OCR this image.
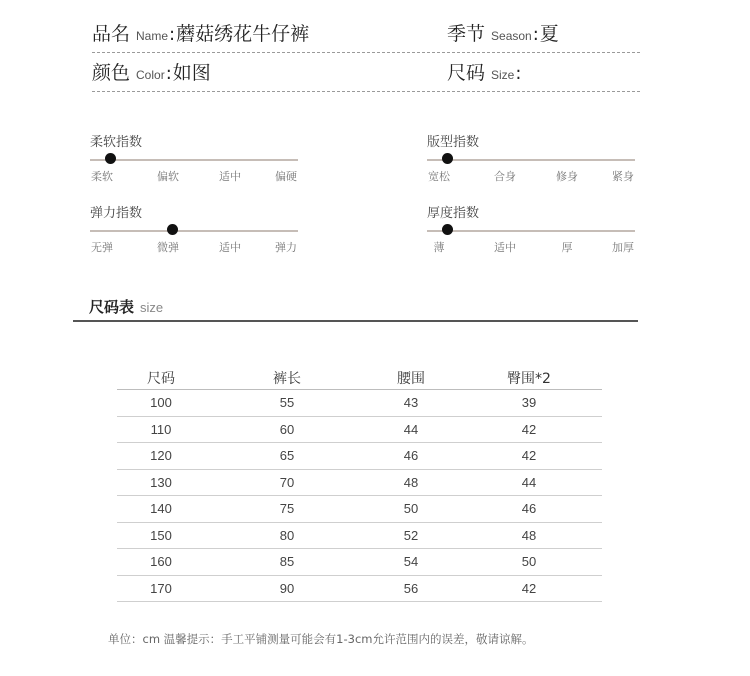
品名 Name : 蘑菇绣花牛仔裤	季节 Season : 夏
颜色 Color : 如图	尺码 Size :
柔软指数
柔软	偏软	适中	偏硬
版型指数
宽松	合身	修身	紧身
弹力指数
无弹	微弹	适中	弹力
厚度指数
薄	适中	厚	加厚
尺码表 size
尺码	裤长	腰围	臀围*2
100	55	43	39
110	60	44	42
120	65	46	42
130	70	48	44
140	75	50	46
150	80	52	48
160	85	54	50
170	90	56	42
单位：cm 温馨提示：手工平铺测量可能会有1-3cm允许范围内的误差，敬请谅解。
